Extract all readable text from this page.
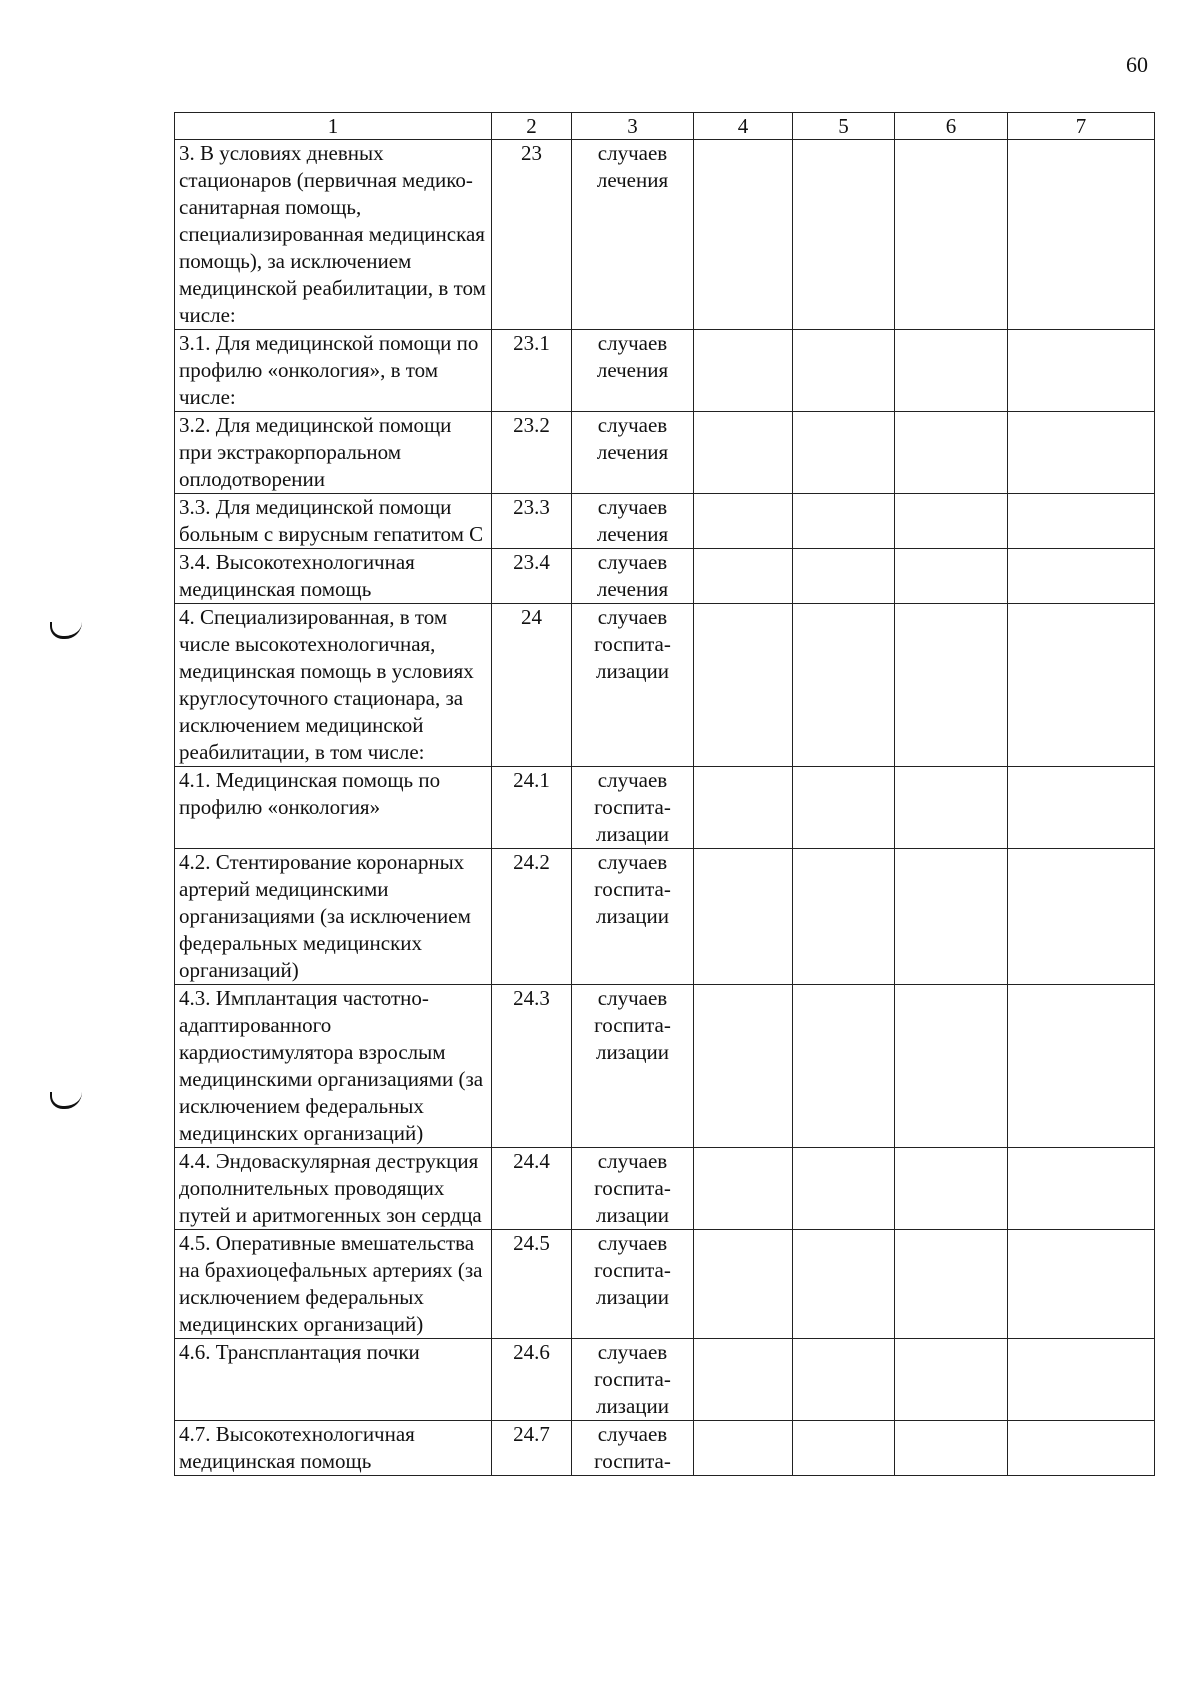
60
1	2	3	4	5	6	7
3. В условиях дневных стационаров (первичная медико-санитарная помощь, специализированная медицинская помощь), за исключением медицинской реабилитации, в том числе:	23	случаев
лечения				
3.1. Для медицинской помощи по профилю «онкология», в том числе:	23.1	случаев
лечения				
3.2. Для медицинской помощи при экстракорпоральном оплодотворении	23.2	случаев
лечения				
3.3. Для медицинской помощи больным с вирусным гепатитом С	23.3	случаев
лечения				
3.4. Высокотехнологичная медицинская помощь	23.4	случаев
лечения				
4. Специализированная, в том числе высокотехнологичная, медицинская помощь в условиях круглосуточного стационара, за исключением медицинской реабилитации, в том числе:	24	случаев
госпита-
лизации				
4.1. Медицинская помощь по профилю «онкология»	24.1	случаев
госпита-
лизации				
4.2. Стентирование коронарных артерий медицинскими организациями (за исключением федеральных медицинских организаций)	24.2	случаев
госпита-
лизации				
4.3. Имплантация частотно-адаптированного кардиостимулятора взрослым медицинскими организациями (за исключением федеральных медицинских организаций)	24.3	случаев
госпита-
лизации				
4.4. Эндоваскулярная деструкция дополнительных проводящих путей и аритмогенных зон сердца	24.4	случаев
госпита-
лизации				
4.5. Оперативные вмешательства на брахиоцефальных артериях (за исключением федеральных медицинских организаций)	24.5	случаев
госпита-
лизации				
4.6. Трансплантация почки	24.6	случаев
госпита-
лизации				
4.7. Высокотехнологичная медицинская помощь	24.7	случаев
госпита-				
